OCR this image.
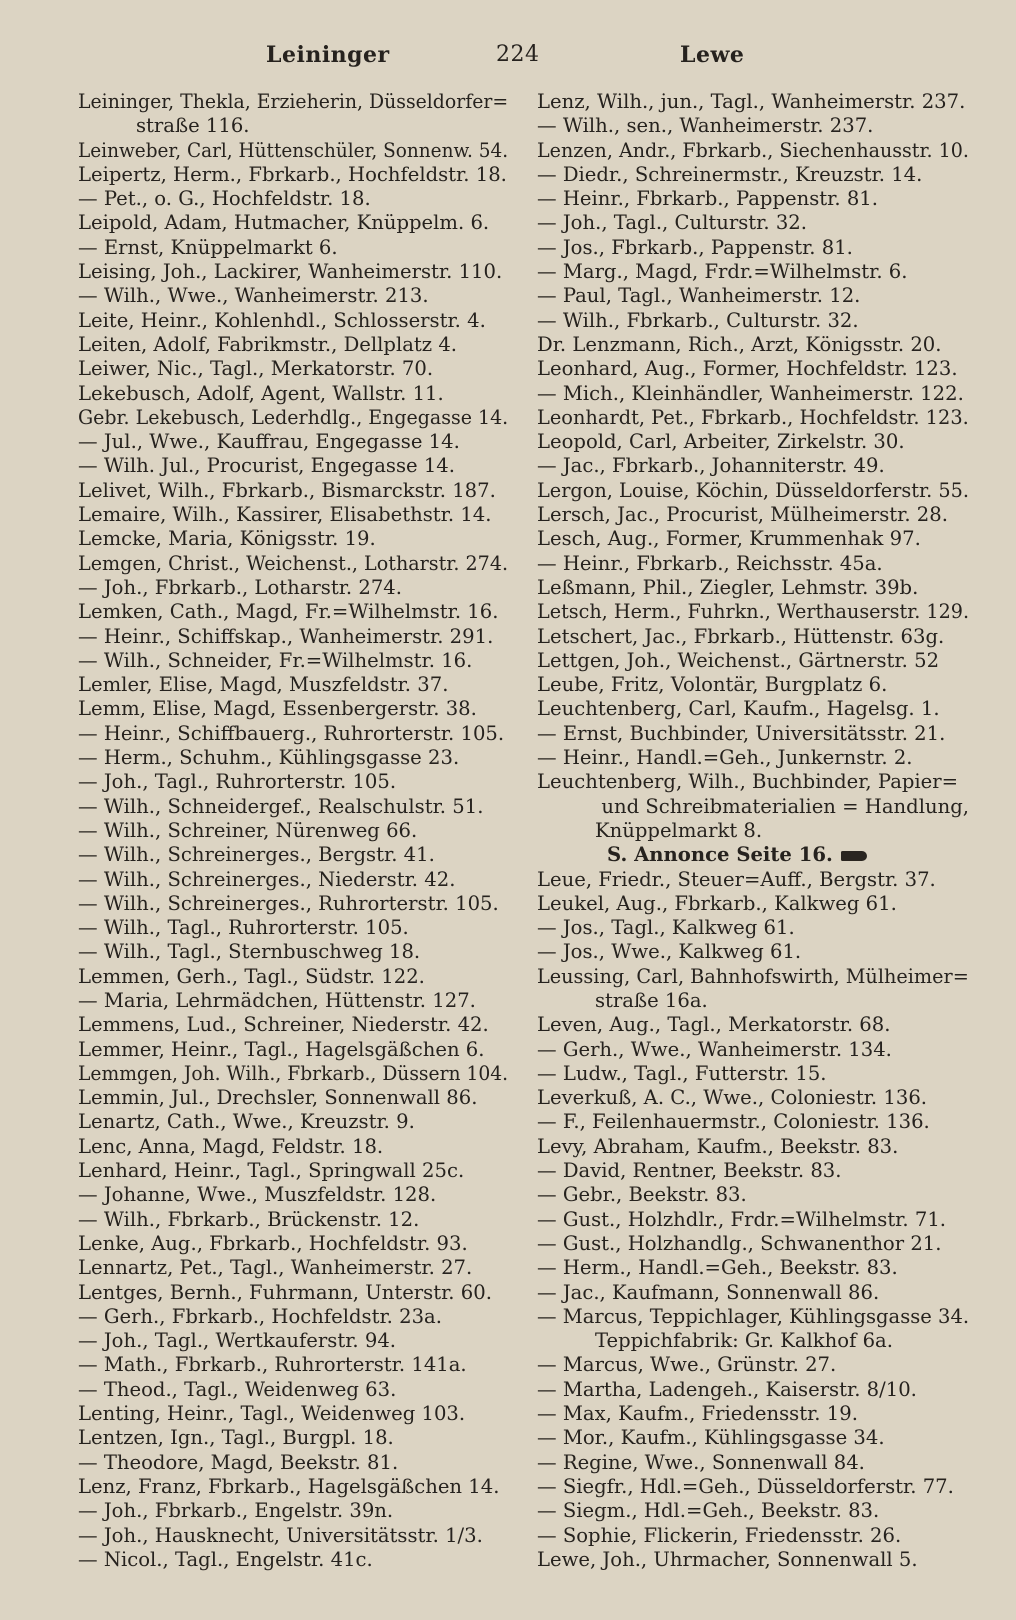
Leininger	224	Lewe
Leininger, Thekla, Erzieherin, Düsseldorfer=
straße 116.
Leinweber, Carl, Hüttenschüler, Sonnenw. 54.
Leipertz, Herm., Fbrkarb., Hochfeldstr. 18.
— Pet., o. G., Hochfeldstr. 18.
Leipold, Adam, Hutmacher, Knüppelm. 6.
— Ernst, Knüppelmarkt 6.
Leising, Joh., Lackirer, Wanheimerstr. 110.
— Wilh., Wwe., Wanheimerstr. 213.
Leite, Heinr., Kohlenhdl., Schlosserstr. 4.
Leiten, Adolf, Fabrikmstr., Dellplatz 4.
Leiwer, Nic., Tagl., Merkatorstr. 70.
Lekebusch, Adolf, Agent, Wallstr. 11.
Gebr. Lekebusch, Lederhdlg., Engegasse 14.
— Jul., Wwe., Kauffrau, Engegasse 14.
— Wilh. Jul., Procurist, Engegasse 14.
Lelivet, Wilh., Fbrkarb., Bismarckstr. 187.
Lemaire, Wilh., Kassirer, Elisabethstr. 14.
Lemcke, Maria, Königsstr. 19.
Lemgen, Christ., Weichenst., Lotharstr. 274.
— Joh., Fbrkarb., Lotharstr. 274.
Lemken, Cath., Magd, Fr.=Wilhelmstr. 16.
— Heinr., Schiffskap., Wanheimerstr. 291.
— Wilh., Schneider, Fr.=Wilhelmstr. 16.
Lemler, Elise, Magd, Muszfeldstr. 37.
Lemm, Elise, Magd, Essenbergerstr. 38.
— Heinr., Schiffbauerg., Ruhrorterstr. 105.
— Herm., Schuhm., Kühlingsgasse 23.
— Joh., Tagl., Ruhrorterstr. 105.
— Wilh., Schneidergef., Realschulstr. 51.
— Wilh., Schreiner, Nürenweg 66.
— Wilh., Schreinerges., Bergstr. 41.
— Wilh., Schreinerges., Niederstr. 42.
— Wilh., Schreinerges., Ruhrorterstr. 105.
— Wilh., Tagl., Ruhrorterstr. 105.
— Wilh., Tagl., Sternbuschweg 18.
Lemmen, Gerh., Tagl., Südstr. 122.
— Maria, Lehrmädchen, Hüttenstr. 127.
Lemmens, Lud., Schreiner, Niederstr. 42.
Lemmer, Heinr., Tagl., Hagelsgäßchen 6.
Lemmgen, Joh. Wilh., Fbrkarb., Düssern 104.
Lemmin, Jul., Drechsler, Sonnenwall 86.
Lenartz, Cath., Wwe., Kreuzstr. 9.
Lenc, Anna, Magd, Feldstr. 18.
Lenhard, Heinr., Tagl., Springwall 25c.
— Johanne, Wwe., Muszfeldstr. 128.
— Wilh., Fbrkarb., Brückenstr. 12.
Lenke, Aug., Fbrkarb., Hochfeldstr. 93.
Lennartz, Pet., Tagl., Wanheimerstr. 27.
Lentges, Bernh., Fuhrmann, Unterstr. 60.
— Gerh., Fbrkarb., Hochfeldstr. 23a.
— Joh., Tagl., Wertkauferstr. 94.
— Math., Fbrkarb., Ruhrorterstr. 141a.
— Theod., Tagl., Weidenweg 63.
Lenting, Heinr., Tagl., Weidenweg 103.
Lentzen, Ign., Tagl., Burgpl. 18.
— Theodore, Magd, Beekstr. 81.
Lenz, Franz, Fbrkarb., Hagelsgäßchen 14.
— Joh., Fbrkarb., Engelstr. 39n.
— Joh., Hausknecht, Universitätsstr. 1/3.
— Nicol., Tagl., Engelstr. 41c.
Lenz, Wilh., jun., Tagl., Wanheimerstr. 237.
— Wilh., sen., Wanheimerstr. 237.
Lenzen, Andr., Fbrkarb., Siechenhausstr. 10.
— Diedr., Schreinermstr., Kreuzstr. 14.
— Heinr., Fbrkarb., Pappenstr. 81.
— Joh., Tagl., Culturstr. 32.
— Jos., Fbrkarb., Pappenstr. 81.
— Marg., Magd, Frdr.=Wilhelmstr. 6.
— Paul, Tagl., Wanheimerstr. 12.
— Wilh., Fbrkarb., Culturstr. 32.
Dr. Lenzmann, Rich., Arzt, Königsstr. 20.
Leonhard, Aug., Former, Hochfeldstr. 123.
— Mich., Kleinhändler, Wanheimerstr. 122.
Leonhardt, Pet., Fbrkarb., Hochfeldstr. 123.
Leopold, Carl, Arbeiter, Zirkelstr. 30.
— Jac., Fbrkarb., Johanniterstr. 49.
Lergon, Louise, Köchin, Düsseldorferstr. 55.
Lersch, Jac., Procurist, Mülheimerstr. 28.
Lesch, Aug., Former, Krummenhak 97.
— Heinr., Fbrkarb., Reichsstr. 45a.
Leßmann, Phil., Ziegler, Lehmstr. 39b.
Letsch, Herm., Fuhrkn., Werthauserstr. 129.
Letschert, Jac., Fbrkarb., Hüttenstr. 63g.
Lettgen, Joh., Weichenst., Gärtnerstr. 52
Leube, Fritz, Volontär, Burgplatz 6.
Leuchtenberg, Carl, Kaufm., Hagelsg. 1.
— Ernst, Buchbinder, Universitätsstr. 21.
— Heinr., Handl.=Geh., Junkernstr. 2.
Leuchtenberg, Wilh., Buchbinder, Papier=
und Schreibmaterialien = Handlung,
Knüppelmarkt 8.
S. Annonce Seite 16.
Leue, Friedr., Steuer=Auff., Bergstr. 37.
Leukel, Aug., Fbrkarb., Kalkweg 61.
— Jos., Tagl., Kalkweg 61.
— Jos., Wwe., Kalkweg 61.
Leussing, Carl, Bahnhofswirth, Mülheimer=
straße 16a.
Leven, Aug., Tagl., Merkatorstr. 68.
— Gerh., Wwe., Wanheimerstr. 134.
— Ludw., Tagl., Futterstr. 15.
Leverkuß, A. C., Wwe., Coloniestr. 136.
— F., Feilenhauermstr., Coloniestr. 136.
Levy, Abraham, Kaufm., Beekstr. 83.
— David, Rentner, Beekstr. 83.
— Gebr., Beekstr. 83.
— Gust., Holzhdlr., Frdr.=Wilhelmstr. 71.
— Gust., Holzhandlg., Schwanenthor 21.
— Herm., Handl.=Geh., Beekstr. 83.
— Jac., Kaufmann, Sonnenwall 86.
— Marcus, Teppichlager, Kühlingsgasse 34.
Teppichfabrik: Gr. Kalkhof 6a.
— Marcus, Wwe., Grünstr. 27.
— Martha, Ladengeh., Kaiserstr. 8/10.
— Max, Kaufm., Friedensstr. 19.
— Mor., Kaufm., Kühlingsgasse 34.
— Regine, Wwe., Sonnenwall 84.
— Siegfr., Hdl.=Geh., Düsseldorferstr. 77.
— Siegm., Hdl.=Geh., Beekstr. 83.
— Sophie, Flickerin, Friedensstr. 26.
Lewe, Joh., Uhrmacher, Sonnenwall 5.
